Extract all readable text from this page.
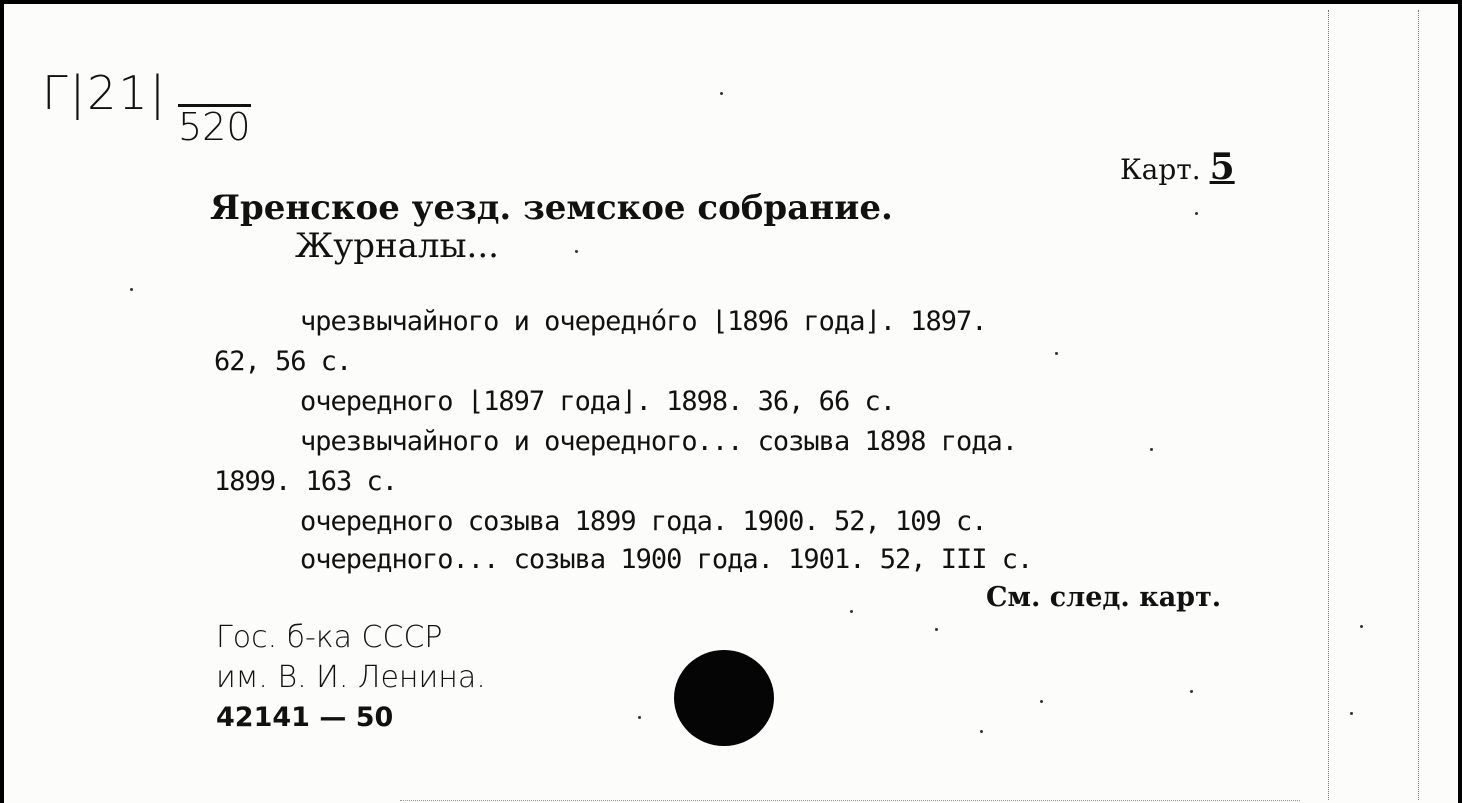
Г|21|
520
Карт. 5
Яренское уезд. земское собрание.
Журналы...
чрезвычайного и очередно́го ⌊1896 года⌋. 1897.
62, 56 с.
очередного ⌊1897 года⌋. 1898. 36, 66 с.
чрезвычайного и очередного... созыва 1898 года.
1899. 163 с.
очередного созыва 1899 года. 1900. 52, 109 с.
очередного... созыва 1900 года. 1901. 52, III с.
См. след. карт.
Гос. б-ка СССР
им. В. И. Ленина.
42141 — 50
